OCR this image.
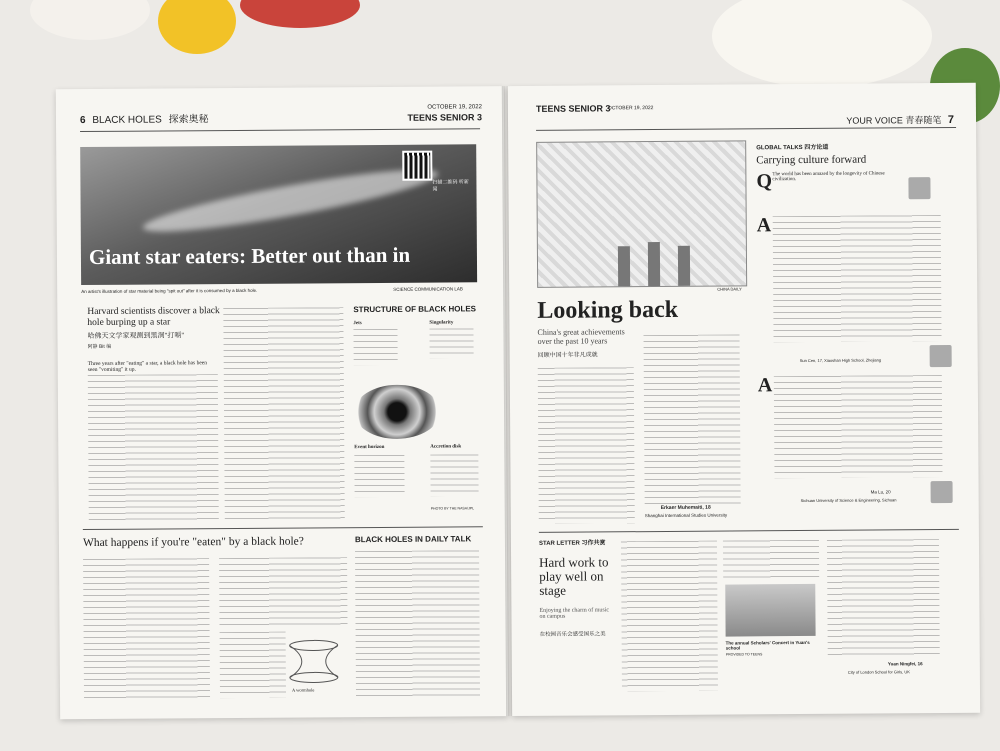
6 BLACK HOLES 探索奥秘
OCTOBER 19, 2022
TEENS SENIOR 3
扫描二维码 听新闻
Giant star eaters: Better out than in
An artist's illustration of star material being "spit out" after it is consumed by a black hole.	SCIENCE COMMUNICATION LAB
Harvard scientists discover a black hole burping up a star
哈佛天文学家观测到黑洞"打嗝"
阿静 Bit 编
Three years after "eating" a star, a black hole has been seen "vomiting" it up.
STRUCTURE OF BLACK HOLES
Jets	Singularity
Event horizon	Accretion disk
PHOTO BY THE NASA/JPL
What happens if you're "eaten" by a black hole?
A wormhole
BLACK HOLES IN DAILY TALK
TEENS SENIOR 3
OCTOBER 19, 2022
YOUR VOICE 青春随笔 7
CHINA DAILY
Looking back
China's great achievements over the past 10 years
回顾中国十年非凡成就
Erkaer Muhemaiti, 18
Shanghai International Studies University
GLOBAL TALKS 四方论道
Carrying culture forward
Q The world has been amazed by the longevity of Chinese civilization.
A
Sun Cen, 17, Xiaoshan High School, Zhejiang
A
Ma Lu, 20
Sichuan University of Science & Engineering, Sichuan
STAR LETTER 习作共赏
Hard work to play well on stage
Enjoying the charm of music on campus
在校园音乐会感受国乐之美
The annual Scholars' Concert in Yuan's school
PROVIDED TO TEENS
Yuan Ningfei, 16
City of London School for Girls, UK
